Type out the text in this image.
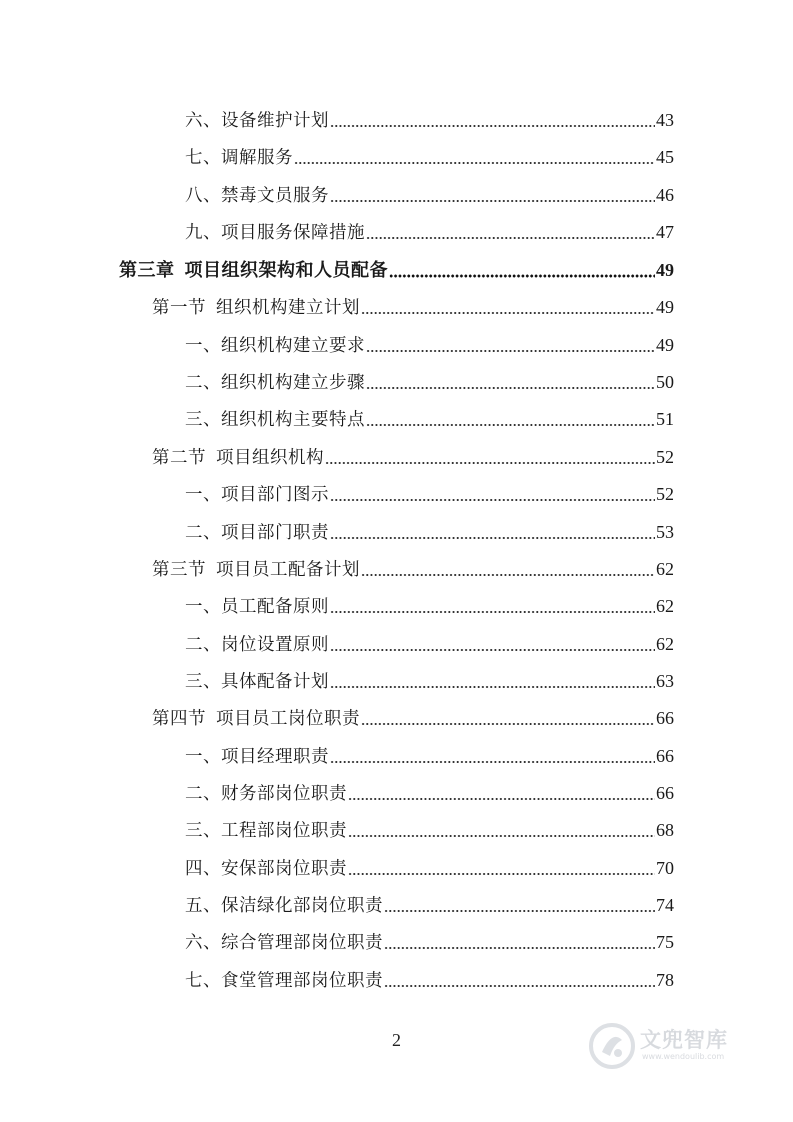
六、设备维护计划	43
七、调解服务	45
八、禁毒文员服务	46
九、项目服务保障措施	47
第三章 项目组织架构和人员配备	49
第一节 组织机构建立计划	49
一、组织机构建立要求	49
二、组织机构建立步骤	50
三、组织机构主要特点	51
第二节 项目组织机构	52
一、项目部门图示	52
二、项目部门职责	53
第三节 项目员工配备计划	62
一、员工配备原则	62
二、岗位设置原则	62
三、具体配备计划	63
第四节 项目员工岗位职责	66
一、项目经理职责	66
二、财务部岗位职责	66
三、工程部岗位职责	68
四、安保部岗位职责	70
五、保洁绿化部岗位职责	74
六、综合管理部岗位职责	75
七、食堂管理部岗位职责	78
2	文兜智库
www.wendoulib.com
